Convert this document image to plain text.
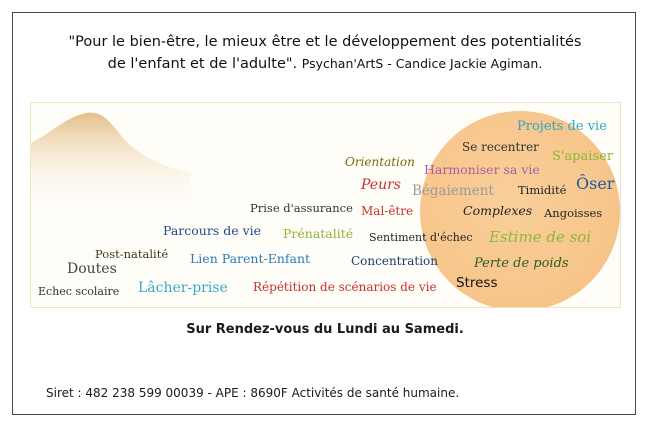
"Pour le bien-être, le mieux être et le développement des potentialités
de l'enfant et de l'adulte". Psychan'ArtS - Candice Jackie Agiman.
Projets de vie
Se recentrer
S'apaiser
Orientation Harmoniser sa vie
Ôser
Peurs Bégaiement Timidité
Prise d'assurance Mal-être	Complexes Angoisses
Parcours de vie Prénatalité Sentiment d'échec Estime de soi
Post-natalité Lien Parent-Enfant	Concentration
Doutes	Perte de poids
Echec scolaire Lâcher-prise Répétition de scénarios de vie Stress
Sur Rendez-vous du Lundi au Samedi.
Siret : 482 238 599 00039 - APE : 8690F Activités de santé humaine.
